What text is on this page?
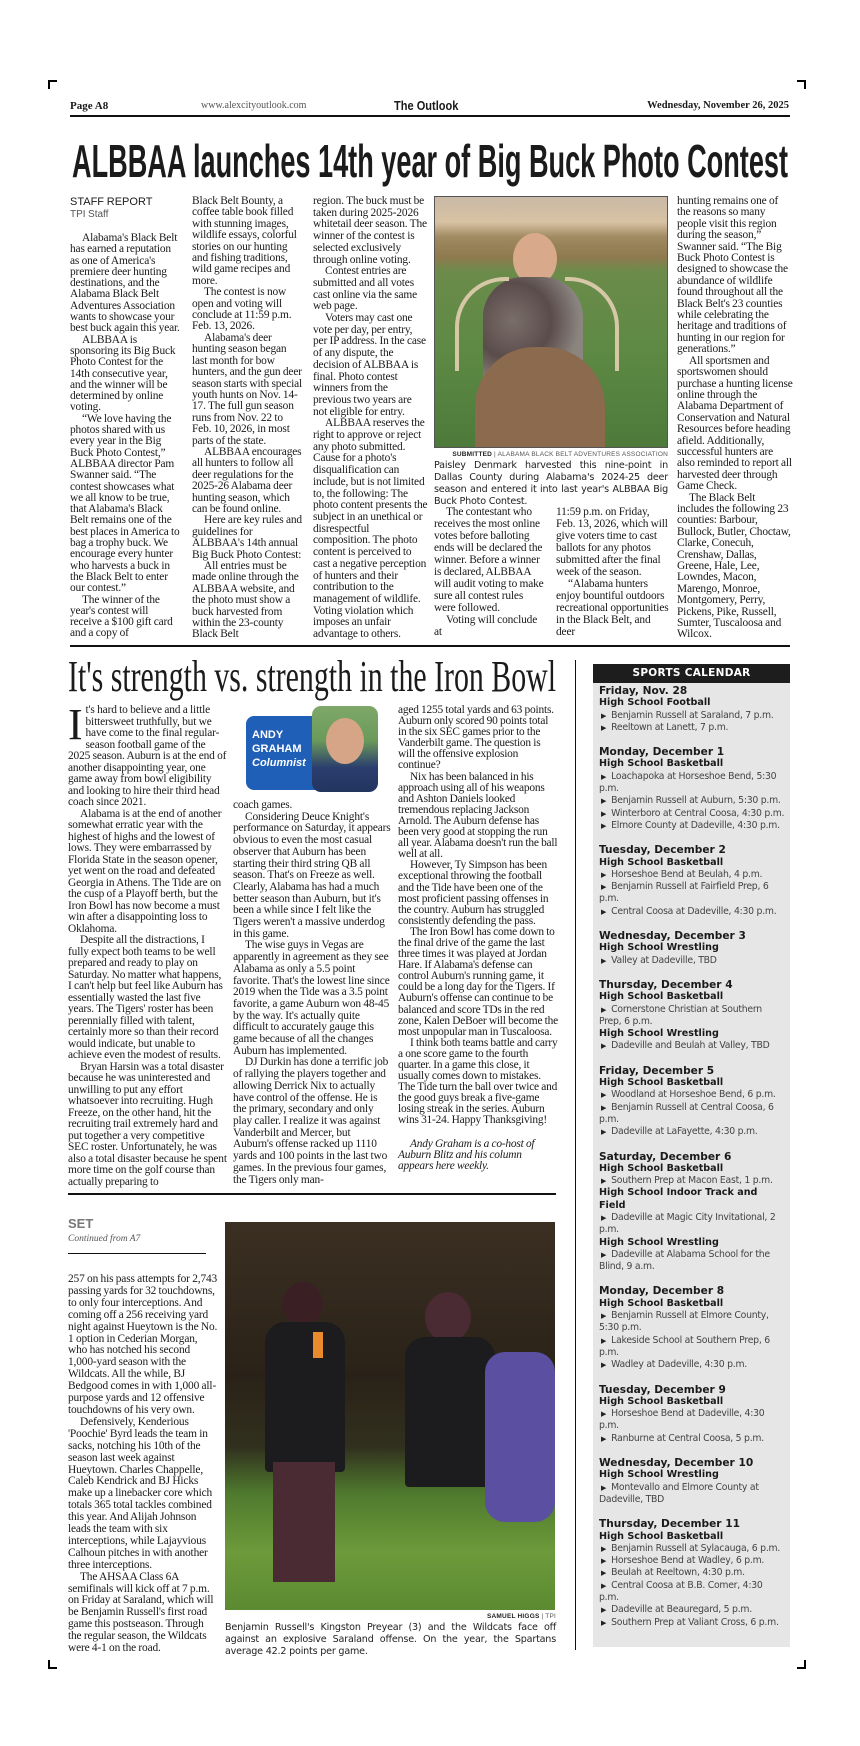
Page A8	www.alexcityoutlook.com	The Outlook	Wednesday, November 26, 2025
ALBBAA launches 14th year of Big Buck Photo Contest
STAFF REPORT
TPI Staff

Alabama's Black Belt has earned a reputation as one of America's premiere deer hunting destinations, and the Alabama Black Belt Adventures Association wants to showcase your best buck again this year.

ALBBAA is sponsoring its Big Buck Photo Contest for the 14th consecutive year, and the winner will be determined by online voting.

“We love having the photos shared with us every year in the Big Buck Photo Contest,” ALBBAA director Pam Swanner said. “The contest showcases what we all know to be true, that Alabama's Black Belt remains one of the best places in America to bag a trophy buck. We encourage every hunter who harvests a buck in the Black Belt to enter our contest.”

The winner of the year's contest will receive a $100 gift card and a copy of

Black Belt Bounty, a coffee table book filled with stunning images, wildlife essays, colorful stories on our hunting and fishing traditions, wild game recipes and more.

The contest is now open and voting will conclude at 11:59 p.m. Feb. 13, 2026.

Alabama's deer hunting season began last month for bow hunters, and the gun deer season starts with special youth hunts on Nov. 14-17. The full gun season runs from Nov. 22 to Feb. 10, 2026, in most parts of the state.

ALBBAA encourages all hunters to follow all deer regulations for the 2025-26 Alabama deer hunting season, which can be found online.

Here are key rules and guidelines for ALBBAA's 14th annual Big Buck Photo Contest:

All entries must be made online through the ALBBAA website, and the photo must show a buck harvested from within the 23-county Black Belt

region. The buck must be taken during 2025-2026 whitetail deer season. The winner of the contest is selected exclusively through online voting.

Contest entries are submitted and all votes cast online via the same web page.

Voters may cast one vote per day, per entry, per IP address. In the case of any dispute, the decision of ALBBAA is final. Photo contest winners from the previous two years are not eligible for entry.

ALBBAA reserves the right to approve or reject any photo submitted. Cause for a photo's disqualification can include, but is not limited to, the following: The photo content presents the subject in an unethical or disrespectful composition. The photo content is perceived to cast a negative perception of hunters and their contribution to the management of wildlife. Voting violation which imposes an unfair advantage to others.

SUBMITTED | ALABAMA BLACK BELT ADVENTURES ASSOCIATION
Paisley Denmark harvested this nine-point in Dallas County during Alabama's 2024-25 deer season and entered it into last year's ALBBAA Big Buck Photo Contest.

The contestant who receives the most online votes before balloting ends will be declared the winner. Before a winner is declared, ALBBAA will audit voting to make sure all contest rules were followed.

Voting will conclude at

11:59 p.m. on Friday, Feb. 13, 2026, which will give voters time to cast ballots for any photos submitted after the final week of the season.

“Alabama hunters enjoy bountiful outdoors recreational opportunities in the Black Belt, and deer

hunting remains one of the reasons so many people visit this region during the season,” Swanner said. “The Big Buck Photo Contest is designed to showcase the abundance of wildlife found throughout all the Black Belt's 23 counties while celebrating the heritage and traditions of hunting in our region for generations.”

All sportsmen and sportswomen should purchase a hunting license online through the Alabama Department of Conservation and Natural Resources before heading afield. Additionally, successful hunters are also reminded to report all harvested deer through Game Check.

The Black Belt includes the following 23 counties: Barbour, Bullock, Butler, Choctaw, Clarke, Conecuh, Crenshaw, Dallas, Greene, Hale, Lee, Lowndes, Macon, Marengo, Monroe, Montgomery, Perry, Pickens, Pike, Russell, Sumter, Tuscaloosa and Wilcox.

It's strength vs. strength in the Iron Bowl

It's hard to believe and a little bittersweet truthfully, but we have come to the final regular-season football game of the 2025 season. Auburn is at the end of another disappointing year, one game away from bowl eligibility and looking to hire their third head coach since 2021.

Alabama is at the end of another somewhat erratic year with the highest of highs and the lowest of lows. They were embarrassed by Florida State in the season opener, yet went on the road and defeated Georgia in Athens. The Tide are on the cusp of a Playoff berth, but the Iron Bowl has now become a must win after a disappointing loss to Oklahoma.

Despite all the distractions, I fully expect both teams to be well prepared and ready to play on Saturday. No matter what happens, I can't help but feel like Auburn has essentially wasted the last five years. The Tigers' roster has been perennially filled with talent, certainly more so than their record would indicate, but unable to achieve even the modest of results.

Bryan Harsin was a total disaster because he was uninterested and unwilling to put any effort whatsoever into recruiting. Hugh Freeze, on the other hand, hit the recruiting trail extremely hard and put together a very competitive SEC roster. Unfortunately, he was also a total disaster because he spent more time on the golf course than actually preparing to

ANDY
GRAHAM
Columnist

coach games.

Considering Deuce Knight's performance on Saturday, it appears obvious to even the most casual observer that Auburn has been starting their third string QB all season. That's on Freeze as well. Clearly, Alabama has had a much better season than Auburn, but it's been a while since I felt like the Tigers weren't a massive underdog in this game.

The wise guys in Vegas are apparently in agreement as they see Alabama as only a 5.5 point favorite. That's the lowest line since 2019 when the Tide was a 3.5 point favorite, a game Auburn won 48-45 by the way. It's actually quite difficult to accurately gauge this game because of all the changes Auburn has implemented.

DJ Durkin has done a terrific job of rallying the players together and allowing Derrick Nix to actually have control of the offense. He is the primary, secondary and only play caller. I realize it was against Vanderbilt and Mercer, but Auburn's offense racked up 1110 yards and 100 points in the last two games. In the previous four games, the Tigers only man-

aged 1255 total yards and 63 points. Auburn only scored 90 points total in the six SEC games prior to the Vanderbilt game. The question is will the offensive explosion continue?

Nix has been balanced in his approach using all of his weapons and Ashton Daniels looked tremendous replacing Jackson Arnold. The Auburn defense has been very good at stopping the run all year. Alabama doesn't run the ball well at all.

However, Ty Simpson has been exceptional throwing the football and the Tide have been one of the most proficient passing offenses in the country. Auburn has struggled consistently defending the pass.

The Iron Bowl has come down to the final drive of the game the last three times it was played at Jordan Hare. If Alabama's defense can control Auburn's running game, it could be a long day for the Tigers. If Auburn's offense can continue to be balanced and score TDs in the red zone, Kalen DeBoer will become the most unpopular man in Tuscaloosa.

I think both teams battle and carry a one score game to the fourth quarter. In a game this close, it usually comes down to mistakes. The Tide turn the ball over twice and the good guys break a five-game losing streak in the series. Auburn wins 31-24. Happy Thanksgiving!

Andy Graham is a co-host of Auburn Blitz and his column appears here weekly.

SPORTS CALENDAR
Friday, Nov. 28
High School Football
▶ Benjamin Russell at Saraland, 7 p.m.
▶ Reeltown at Lanett, 7 p.m.
Monday, December 1
High School Basketball
▶ Loachapoka at Horseshoe Bend, 5:30 p.m.
▶ Benjamin Russell at Auburn, 5:30 p.m.
▶ Winterboro at Central Coosa, 4:30 p.m.
▶ Elmore County at Dadeville, 4:30 p.m.
Tuesday, December 2
High School Basketball
▶ Horseshoe Bend at Beulah, 4 p.m.
▶ Benjamin Russell at Fairfield Prep, 6 p.m.
▶ Central Coosa at Dadeville, 4:30 p.m.
Wednesday, December 3
High School Wrestling
▶ Valley at Dadeville, TBD
Thursday, December 4
High School Basketball
▶ Cornerstone Christian at Southern Prep, 6 p.m.
High School Wrestling
▶ Dadeville and Beulah at Valley, TBD
Friday, December 5
High School Basketball
▶ Woodland at Horseshoe Bend, 6 p.m.
▶ Benjamin Russell at Central Coosa, 6 p.m.
▶ Dadeville at LaFayette, 4:30 p.m.
Saturday, December 6
High School Basketball
▶ Southern Prep at Macon East, 1 p.m.
High School Indoor Track and Field
▶ Dadeville at Magic City Invitational, 2 p.m.
High School Wrestling
▶ Dadeville at Alabama School for the Blind, 9 a.m.
Monday, December 8
High School Basketball
▶ Benjamin Russell at Elmore County, 5:30 p.m.
▶ Lakeside School at Southern Prep, 6 p.m.
▶ Wadley at Dadeville, 4:30 p.m.
Tuesday, December 9
High School Basketball
▶ Horseshoe Bend at Dadeville, 4:30 p.m.
▶ Ranburne at Central Coosa, 5 p.m.
Wednesday, December 10
High School Wrestling
▶ Montevallo and Elmore County at Dadeville, TBD
Thursday, December 11
High School Basketball
▶ Benjamin Russell at Sylacauga, 6 p.m.
▶ Horseshoe Bend at Wadley, 6 p.m.
▶ Beulah at Reeltown, 4:30 p.m.
▶ Central Coosa at B.B. Comer, 4:30 p.m.
▶ Dadeville at Beauregard, 5 p.m.
▶ Southern Prep at Valiant Cross, 6 p.m.
SET
Continued from A7

257 on his pass attempts for 2,743 passing yards for 32 touchdowns, to only four interceptions. And coming off a 256 receiving yard night against Hueytown is the No. 1 option in Cederian Morgan, who has notched his second 1,000-yard season with the Wildcats. All the while, BJ Bedgood comes in with 1,000 all-purpose yards and 12 offensive touchdowns of his very own.

Defensively, Kenderious 'Poochie' Byrd leads the team in sacks, notching his 10th of the season last week against Hueytown. Charles Chappelle, Caleb Kendrick and BJ Hicks make up a linebacker core which totals 365 total tackles combined this year. And Alijah Johnson leads the team with six interceptions, while Lajayvious Calhoun pitches in with another three interceptions.

The AHSAA Class 6A semifinals will kick off at 7 p.m. on Friday at Saraland, which will be Benjamin Russell's first road game this postseason. Through the regular season, the Wildcats were 4-1 on the road.

SAMUEL HIGGS | TPI
Benjamin Russell's Kingston Preyear (3) and the Wildcats face off against an explosive Saraland offense. On the year, the Spartans average 42.2 points per game.
